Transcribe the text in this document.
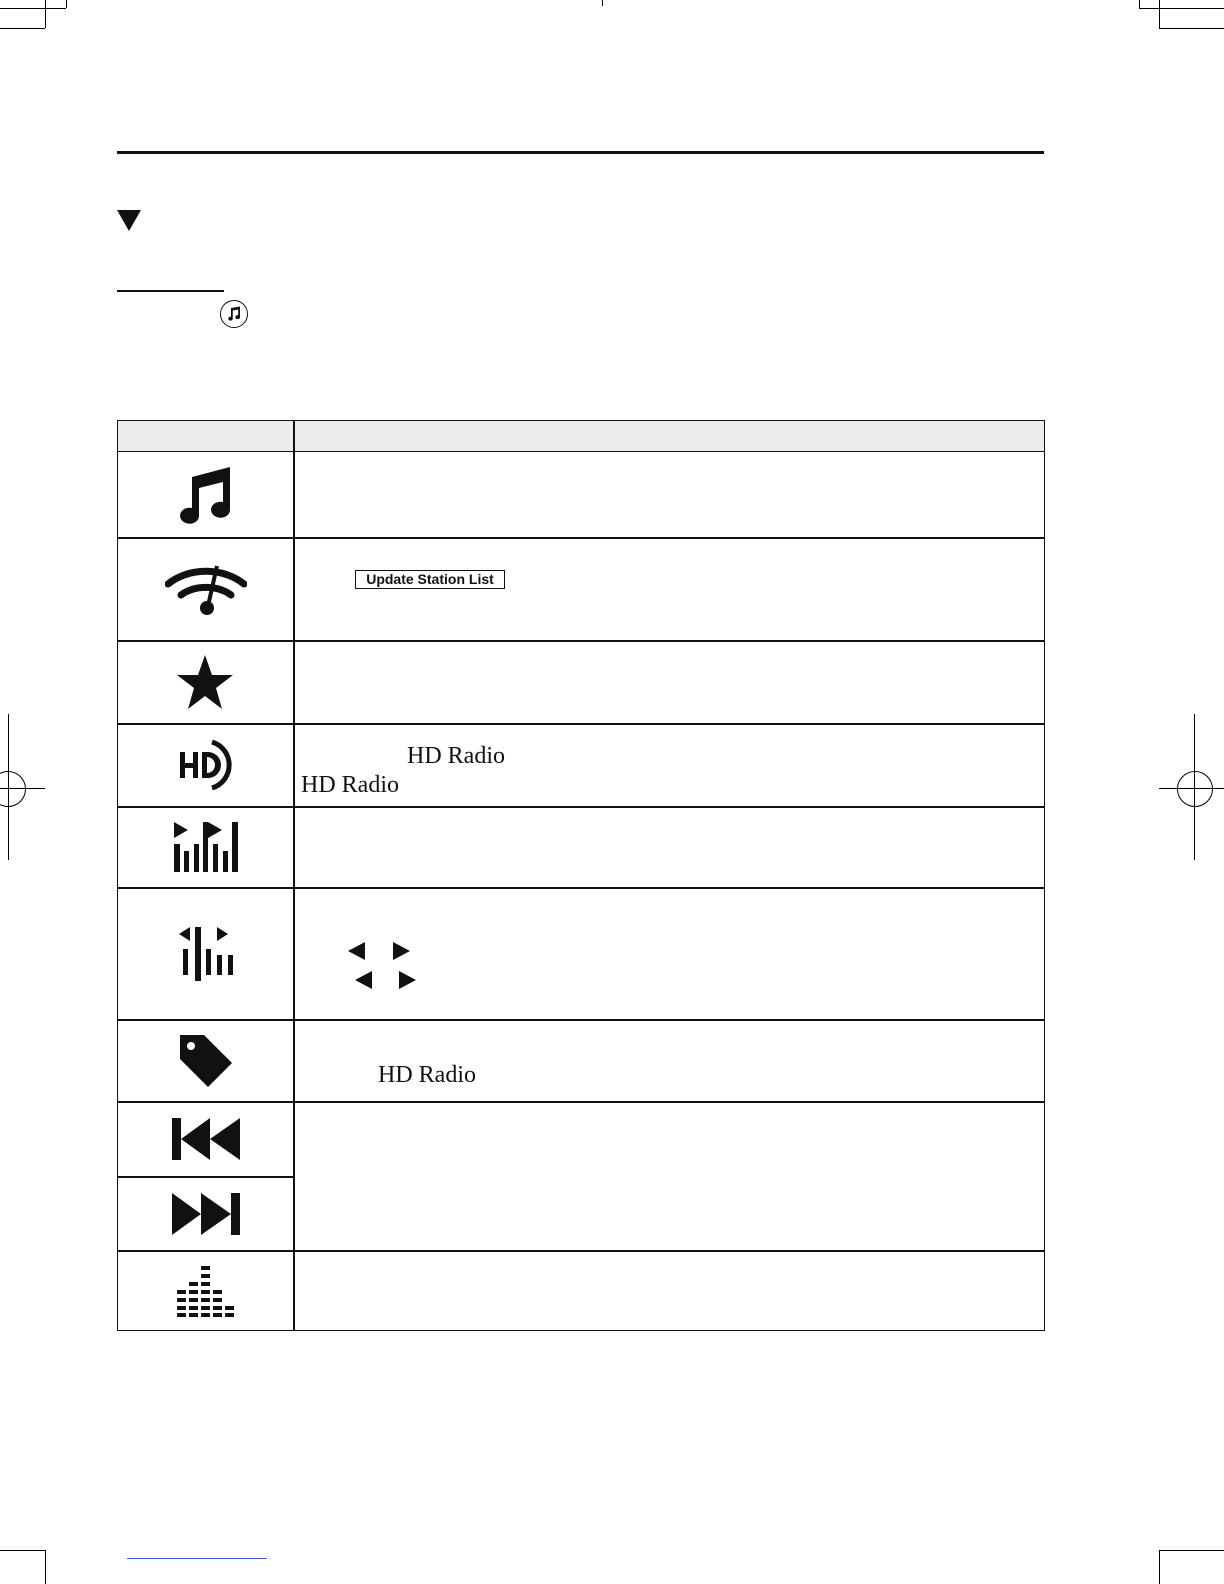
Update Station List
HD Radio
HD Radio
HD Radio
